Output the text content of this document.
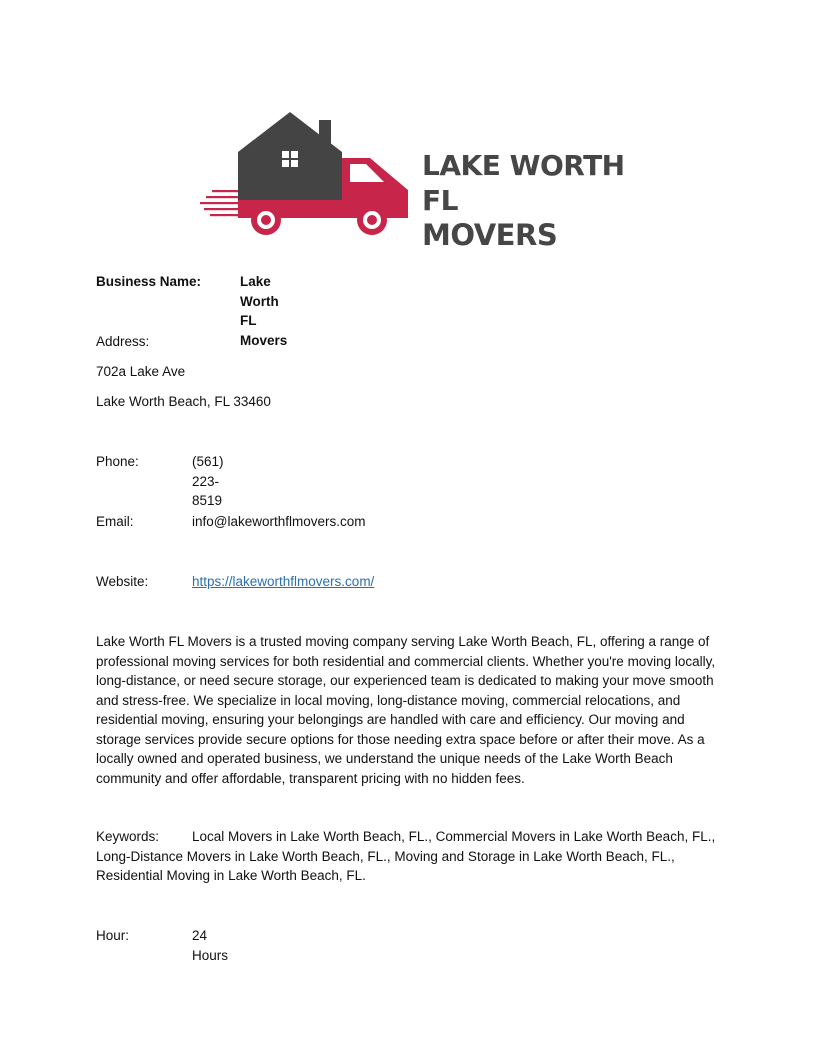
LAKE WORTH FL
MOVERS
Business Name:	Lake Worth FL Movers
Address:
702a Lake Ave
Lake Worth Beach, FL 33460
Phone:	(561) 223-8519
Email:	info@lakeworthflmovers.com
Website:	https://lakeworthflmovers.com/
Lake Worth FL Movers is a trusted moving company serving Lake Worth Beach, FL, offering a range of professional moving services for both residential and commercial clients. Whether you're moving locally, long-distance, or need secure storage, our experienced team is dedicated to making your move smooth and stress-free. We specialize in local moving, long-distance moving, commercial relocations, and residential moving, ensuring your belongings are handled with care and efficiency. Our moving and storage services provide secure options for those needing extra space before or after their move. As a locally owned and operated business, we understand the unique needs of the Lake Worth Beach community and offer affordable, transparent pricing with no hidden fees.
Keywords: Local Movers in Lake Worth Beach, FL., Commercial Movers in Lake Worth Beach, FL., Long-Distance Movers in Lake Worth Beach, FL., Moving and Storage in Lake Worth Beach, FL., Residential Moving in Lake Worth Beach, FL.
Hour:	24 Hours
